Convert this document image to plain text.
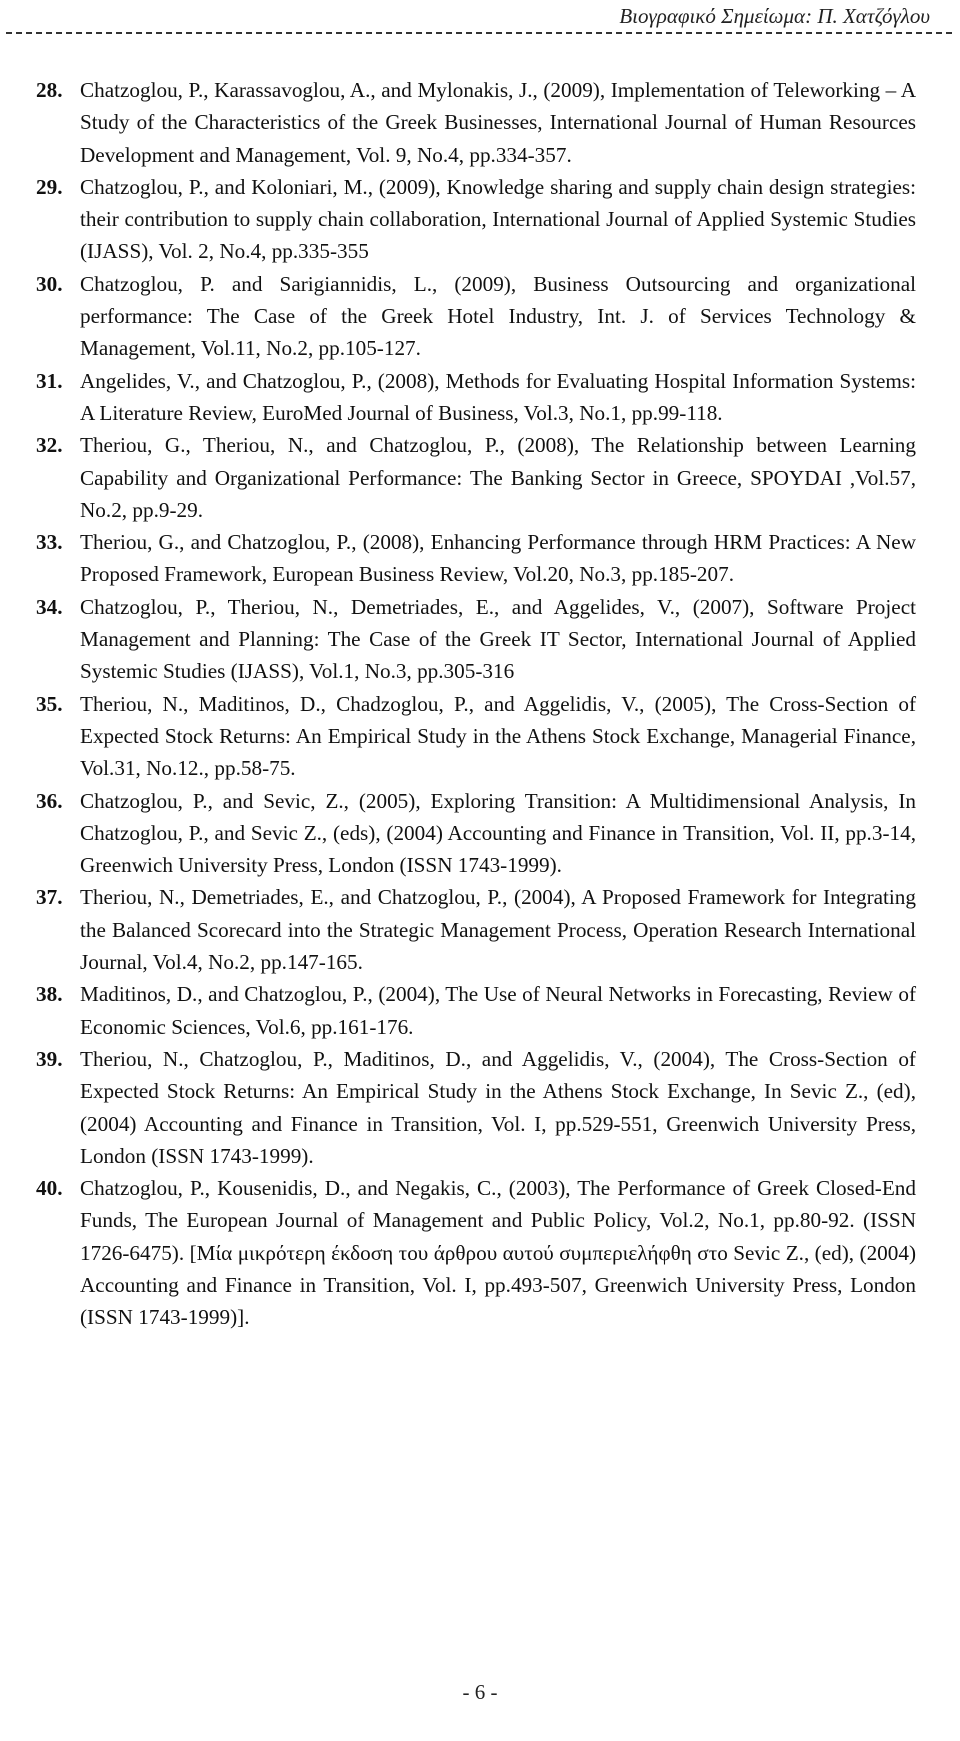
Βιογραφικό Σημείωμα: Π. Χατζόγλου
28. Chatzoglou, P., Karassavoglou, A., and Mylonakis, J., (2009), Implementation of Teleworking – A Study of the Characteristics of the Greek Businesses, International Journal of Human Resources Development and Management, Vol. 9, No.4, pp.334-357.
29. Chatzoglou, P., and Koloniari, M., (2009), Knowledge sharing and supply chain design strategies: their contribution to supply chain collaboration, International Journal of Applied Systemic Studies (IJASS), Vol. 2, No.4, pp.335-355
30. Chatzoglou, P. and Sarigiannidis, L., (2009), Business Outsourcing and organizational performance: The Case of the Greek Hotel Industry, Int. J. of Services Technology & Management, Vol.11, No.2, pp.105-127.
31. Angelides, V., and Chatzoglou, P., (2008), Methods for Evaluating Hospital Information Systems: A Literature Review, EuroMed Journal of Business, Vol.3, No.1, pp.99-118.
32. Theriou, G., Theriou, N., and Chatzoglou, P., (2008), The Relationship between Learning Capability and Organizational Performance: The Banking Sector in Greece, SPOYDAI ,Vol.57, No.2, pp.9-29.
33. Theriou, G., and Chatzoglou, P., (2008), Enhancing Performance through HRM Practices: A New Proposed Framework, European Business Review, Vol.20, No.3, pp.185-207.
34. Chatzoglou, P., Theriou, N., Demetriades, E., and Aggelides, V., (2007), Software Project Management and Planning: The Case of the Greek IT Sector, International Journal of Applied Systemic Studies (IJASS), Vol.1, No.3, pp.305-316
35. Theriou, N., Maditinos, D., Chadzoglou, P., and Aggelidis, V., (2005), The Cross-Section of Expected Stock Returns: An Empirical Study in the Athens Stock Exchange, Managerial Finance, Vol.31, No.12., pp.58-75.
36. Chatzoglou, P., and Sevic, Z., (2005), Exploring Transition: A Multidimensional Analysis, In Chatzoglou, P., and Sevic Z., (eds), (2004) Accounting and Finance in Transition, Vol. II, pp.3-14, Greenwich University Press, London (ISSN 1743-1999).
37. Theriou, N., Demetriades, E., and Chatzoglou, P., (2004), A Proposed Framework for Integrating the Balanced Scorecard into the Strategic Management Process, Operation Research International Journal, Vol.4, No.2, pp.147-165.
38. Maditinos, D., and Chatzoglou, P., (2004), The Use of Neural Networks in Forecasting, Review of Economic Sciences, Vol.6, pp.161-176.
39. Theriou, N., Chatzoglou, P., Maditinos, D., and Aggelidis, V., (2004), The Cross-Section of Expected Stock Returns: An Empirical Study in the Athens Stock Exchange, In Sevic Z., (ed), (2004) Accounting and Finance in Transition, Vol. I, pp.529-551, Greenwich University Press, London (ISSN 1743-1999).
40. Chatzoglou, P., Kousenidis, D., and Negakis, C., (2003), The Performance of Greek Closed-End Funds, The European Journal of Management and Public Policy, Vol.2, No.1, pp.80-92. (ISSN 1726-6475). [Μία μικρότερη έκδοση του άρθρου αυτού συμπεριελήφθη στο Sevic Z., (ed), (2004) Accounting and Finance in Transition, Vol. I, pp.493-507, Greenwich University Press, London (ISSN 1743-1999)].
- 6 -
